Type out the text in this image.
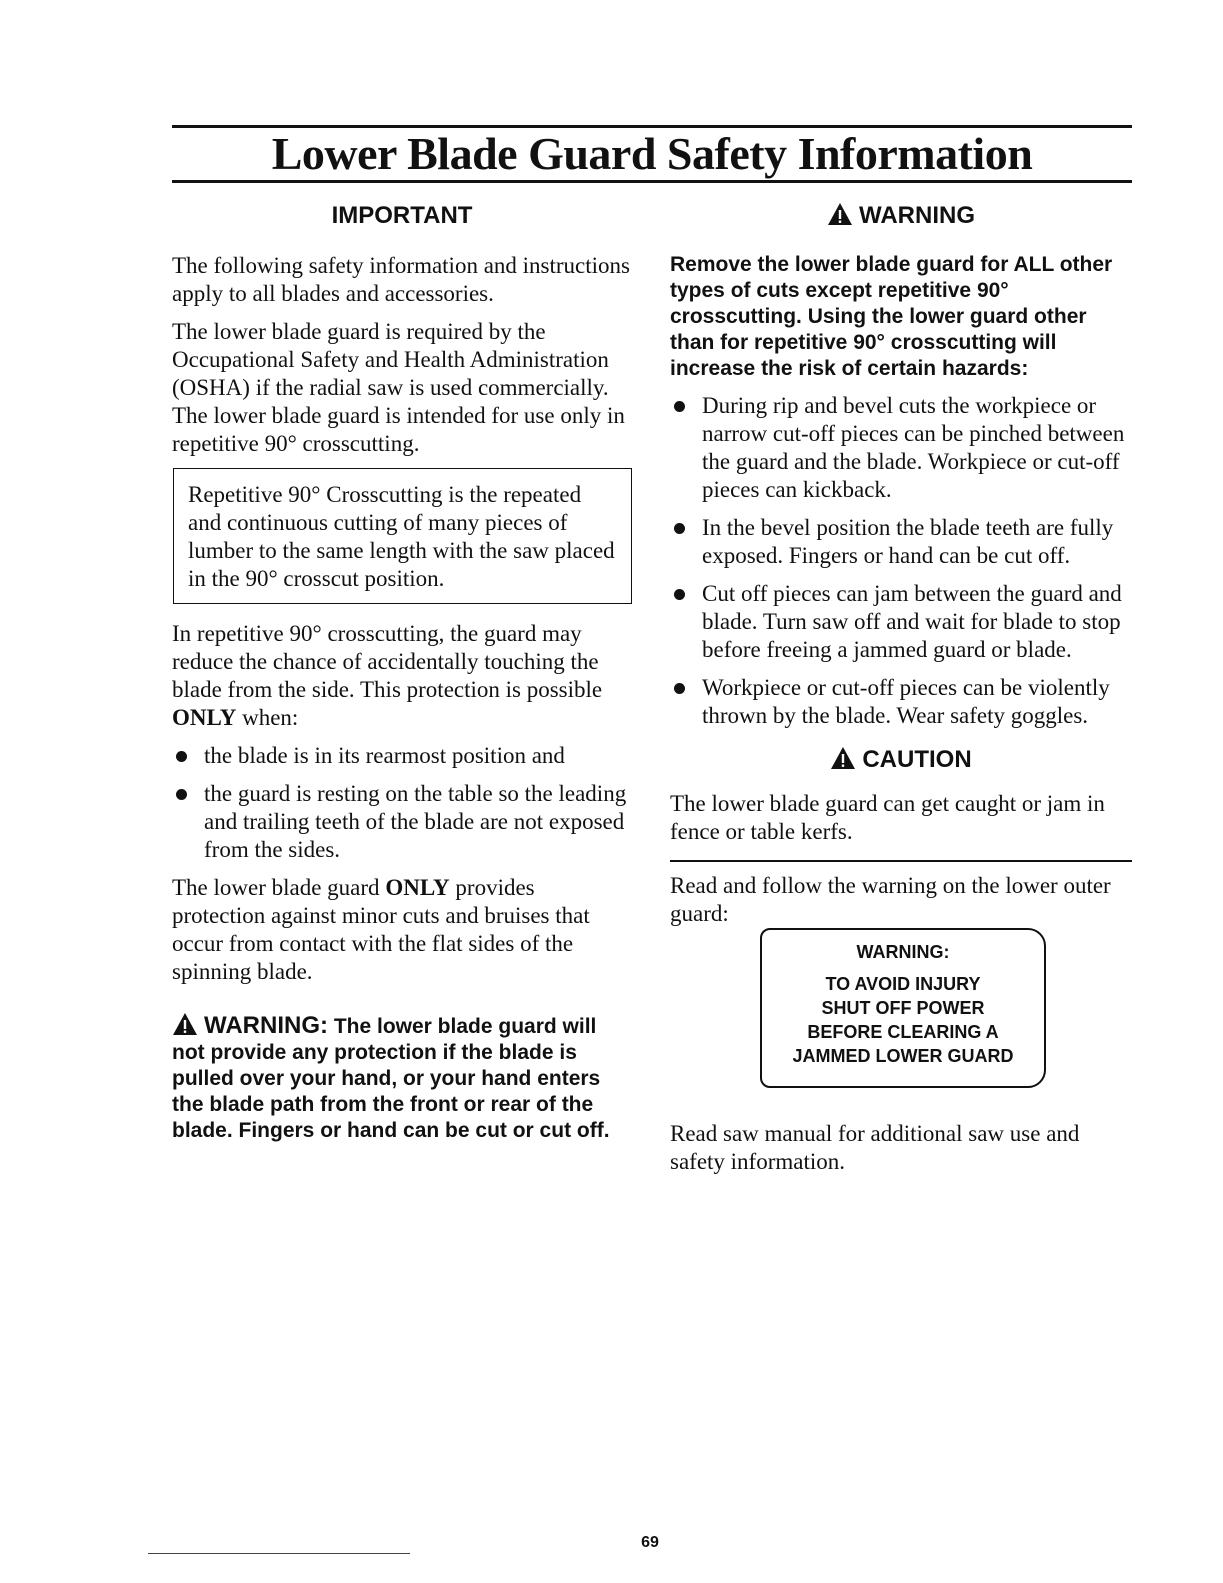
Lower Blade Guard Safety Information
IMPORTANT

The following safety information and instructions apply to all blades and accessories.

The lower blade guard is required by the Occupational Safety and Health Administration (OSHA) if the radial saw is used commercially. The lower blade guard is intended for use only in repetitive 90° crosscutting.

Repetitive 90° Crosscutting is the repeated and continuous cutting of many pieces of lumber to the same length with the saw placed in the 90° crosscut position.

In repetitive 90° crosscutting, the guard may reduce the chance of accidentally touching the blade from the side. This protection is possible ONLY when:

the blade is in its rearmost position and
the guard is resting on the table so the leading and trailing teeth of the blade are not exposed from the sides.

The lower blade guard ONLY provides protection against minor cuts and bruises that occur from contact with the flat sides of the spinning blade.

WARNING: The lower blade guard will not provide any protection if the blade is pulled over your hand, or your hand enters the blade path from the front or rear of the blade. Fingers or hand can be cut or cut off.

WARNING

Remove the lower blade guard for ALL other types of cuts except repetitive 90° crosscutting. Using the lower guard other than for repetitive 90° crosscutting will increase the risk of certain hazards:

During rip and bevel cuts the workpiece or narrow cut-off pieces can be pinched between the guard and the blade. Workpiece or cut-off pieces can kickback.
In the bevel position the blade teeth are fully exposed. Fingers or hand can be cut off.
Cut off pieces can jam between the guard and blade. Turn saw off and wait for blade to stop before freeing a jammed guard or blade.
Workpiece or cut-off pieces can be violently thrown by the blade. Wear safety goggles.
CAUTION

The lower blade guard can get caught or jam in fence or table kerfs.

Read and follow the warning on the lower outer guard:

WARNING:

TO AVOID INJURY

SHUT OFF POWER

BEFORE CLEARING A

JAMMED LOWER GUARD

Read saw manual for additional saw use and safety information.

69
